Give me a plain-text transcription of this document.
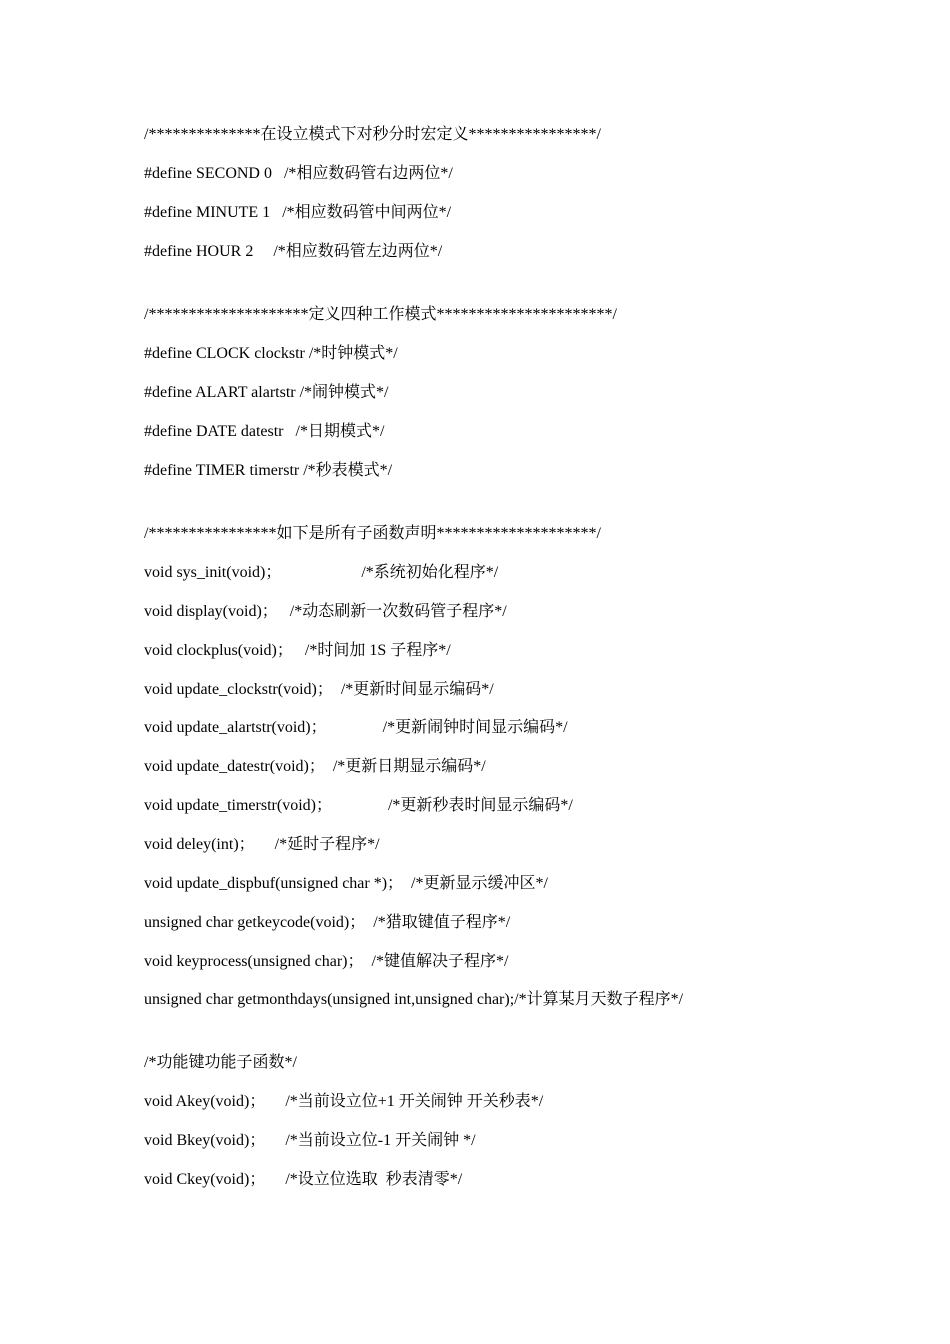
/**************在设立模式下对秒分时宏定义****************/
#define SECOND 0   /*相应数码管右边两位*/
#define MINUTE 1   /*相应数码管中间两位*/
#define HOUR 2     /*相应数码管左边两位*/
/********************定义四种工作模式**********************/
#define CLOCK clockstr /*时钟模式*/
#define ALART alartstr /*闹钟模式*/
#define DATE datestr   /*日期模式*/
#define TIMER timerstr /*秒表模式*/
/****************如下是所有子函数声明********************/
void sys_init(void)；                    /*系统初始化程序*/
void display(void)；   /*动态刷新一次数码管子程序*/
void clockplus(void)；   /*时间加 1S 子程序*/
void update_clockstr(void)；  /*更新时间显示编码*/
void update_alartstr(void)；              /*更新闹钟时间显示编码*/
void update_datestr(void)；  /*更新日期显示编码*/
void update_timerstr(void)；              /*更新秒表时间显示编码*/
void deley(int)；     /*延时子程序*/
void update_dispbuf(unsigned char *)；  /*更新显示缓冲区*/
unsigned char getkeycode(void)；  /*猎取键值子程序*/
void keyprocess(unsigned char)；  /*键值解决子程序*/
unsigned char getmonthdays(unsigned int,unsigned char);/*计算某月天数子程序*/
/*功能键功能子函数*/
void Akey(void)；     /*当前设立位+1 开关闹钟 开关秒表*/
void Bkey(void)；     /*当前设立位-1 开关闹钟 */
void Ckey(void)；     /*设立位选取  秒表清零*/
